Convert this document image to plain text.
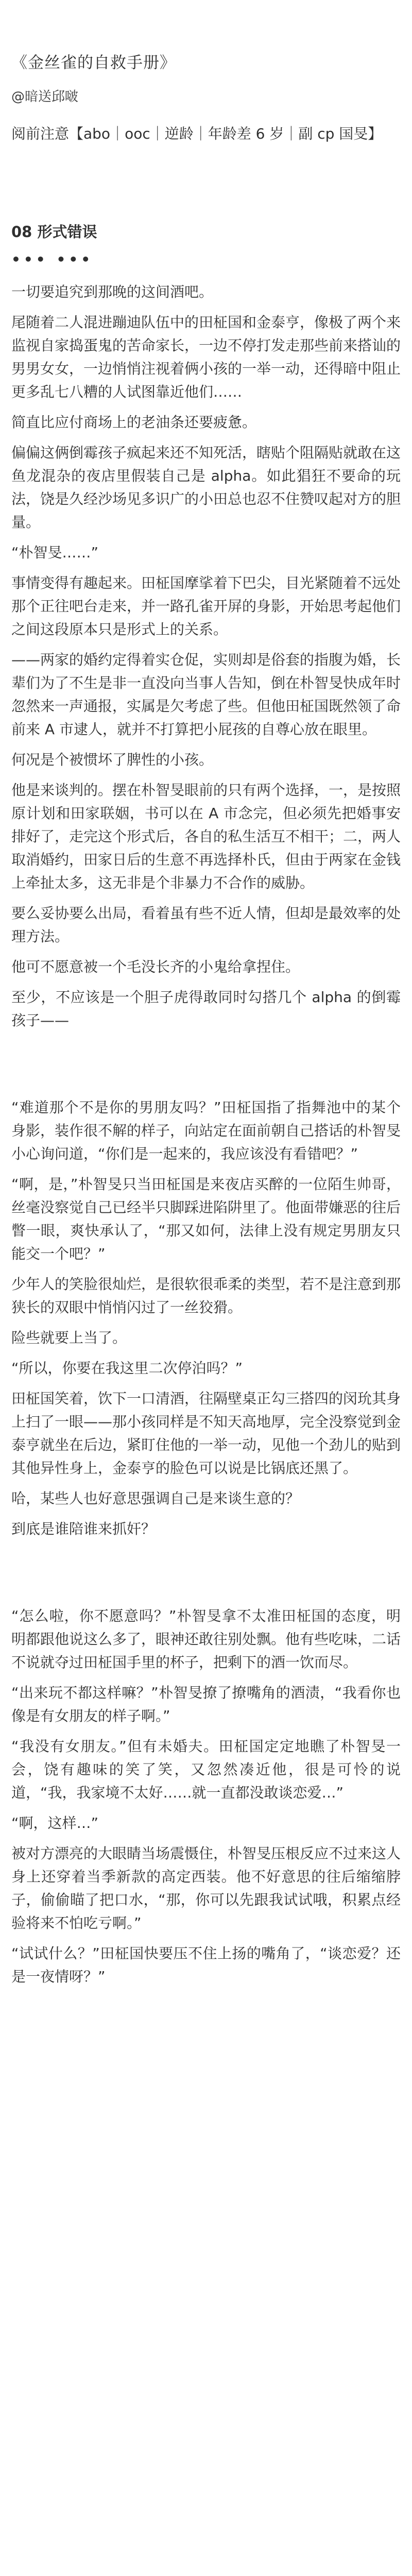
《金丝雀的自救手册》
@暗送邱啵
阅前注意【abo｜ooc｜逆龄｜年龄差 6 岁｜副 cp 国旻】
08 形式错误
••• •••

一切要追究到那晚的这间酒吧。

尾随着二人混进蹦迪队伍中的田柾国和金泰亨，像极了两个来监视自家捣蛋鬼的苦命家长，一边不停打发走那些前来搭讪的男男女女，一边悄悄注视着俩小孩的一举一动，还得暗中阻止更多乱七八糟的人试图靠近他们……

简直比应付商场上的老油条还要疲惫。

偏偏这俩倒霉孩子疯起来还不知死活，瞎贴个阻隔贴就敢在这鱼龙混杂的夜店里假装自己是 alpha。如此猖狂不要命的玩法，饶是久经沙场见多识广的小田总也忍不住赞叹起对方的胆量。

“朴智旻……”

事情变得有趣起来。田柾国摩挲着下巴尖，目光紧随着不远处那个正往吧台走来，并一路孔雀开屏的身影，开始思考起他们之间这段原本只是形式上的关系。

——两家的婚约定得着实仓促，实则却是俗套的指腹为婚，长辈们为了不生是非一直没向当事人告知，倒在朴智旻快成年时忽然来一声通报，实属是欠考虑了些。但他田柾国既然领了命前来 A 市逮人，就并不打算把小屁孩的自尊心放在眼里。

何况是个被惯坏了脾性的小孩。

他是来谈判的。摆在朴智旻眼前的只有两个选择，一，是按照原计划和田家联姻，书可以在 A 市念完，但必须先把婚事安排好了，走完这个形式后，各自的私生活互不相干；二，两人取消婚约，田家日后的生意不再选择朴氏，但由于两家在金钱上牵扯太多，这无非是个非暴力不合作的威胁。

要么妥协要么出局，看着虽有些不近人情，但却是最效率的处理方法。

他可不愿意被一个毛没长齐的小鬼给拿捏住。

至少，不应该是一个胆子虎得敢同时勾搭几个 alpha 的倒霉孩子——

“难道那个不是你的男朋友吗？”田柾国指了指舞池中的某个身影，装作很不解的样子，向站定在面前朝自己搭话的朴智旻小心询问道，“你们是一起来的，我应该没有看错吧？”

“啊，是，”朴智旻只当田柾国是来夜店买醉的一位陌生帅哥，丝毫没察觉自己已经半只脚踩进陷阱里了。他面带嫌恶的往后瞥一眼，爽快承认了，“那又如何，法律上没有规定男朋友只能交一个吧？”

少年人的笑脸很灿烂，是很软很乖柔的类型，若不是注意到那狭长的双眼中悄悄闪过了一丝狡猾。

险些就要上当了。

“所以，你要在我这里二次停泊吗？”

田柾国笑着，饮下一口清酒，往隔壁桌正勾三搭四的闵玧其身上扫了一眼——那小孩同样是不知天高地厚，完全没察觉到金泰亨就坐在后边，紧盯住他的一举一动，见他一个劲儿的贴到其他异性身上，金泰亨的脸色可以说是比锅底还黑了。

哈，某些人也好意思强调自己是来谈生意的？

到底是谁陪谁来抓奸？

“怎么啦，你不愿意吗？”朴智旻拿不太准田柾国的态度，明明都跟他说这么多了，眼神还敢往别处飘。他有些吃味，二话不说就夺过田柾国手里的杯子，把剩下的酒一饮而尽。

“出来玩不都这样嘛？”朴智旻撩了撩嘴角的酒渍，“我看你也像是有女朋友的样子啊。”

“我没有女朋友。”但有未婚夫。田柾国定定地瞧了朴智旻一会，饶有趣味的笑了笑，又忽然凑近他，很是可怜的说道，“我，我家境不太好……就一直都没敢谈恋爱…”

“啊，这样…”

被对方漂亮的大眼睛当场震慑住，朴智旻压根反应不过来这人身上还穿着当季新款的高定西装。他不好意思的往后缩缩脖子，偷偷瞄了把口水，“那，你可以先跟我试试哦，积累点经验将来不怕吃亏啊。”

“试试什么？”田柾国快要压不住上扬的嘴角了，“谈恋爱？还是一夜情呀？”
